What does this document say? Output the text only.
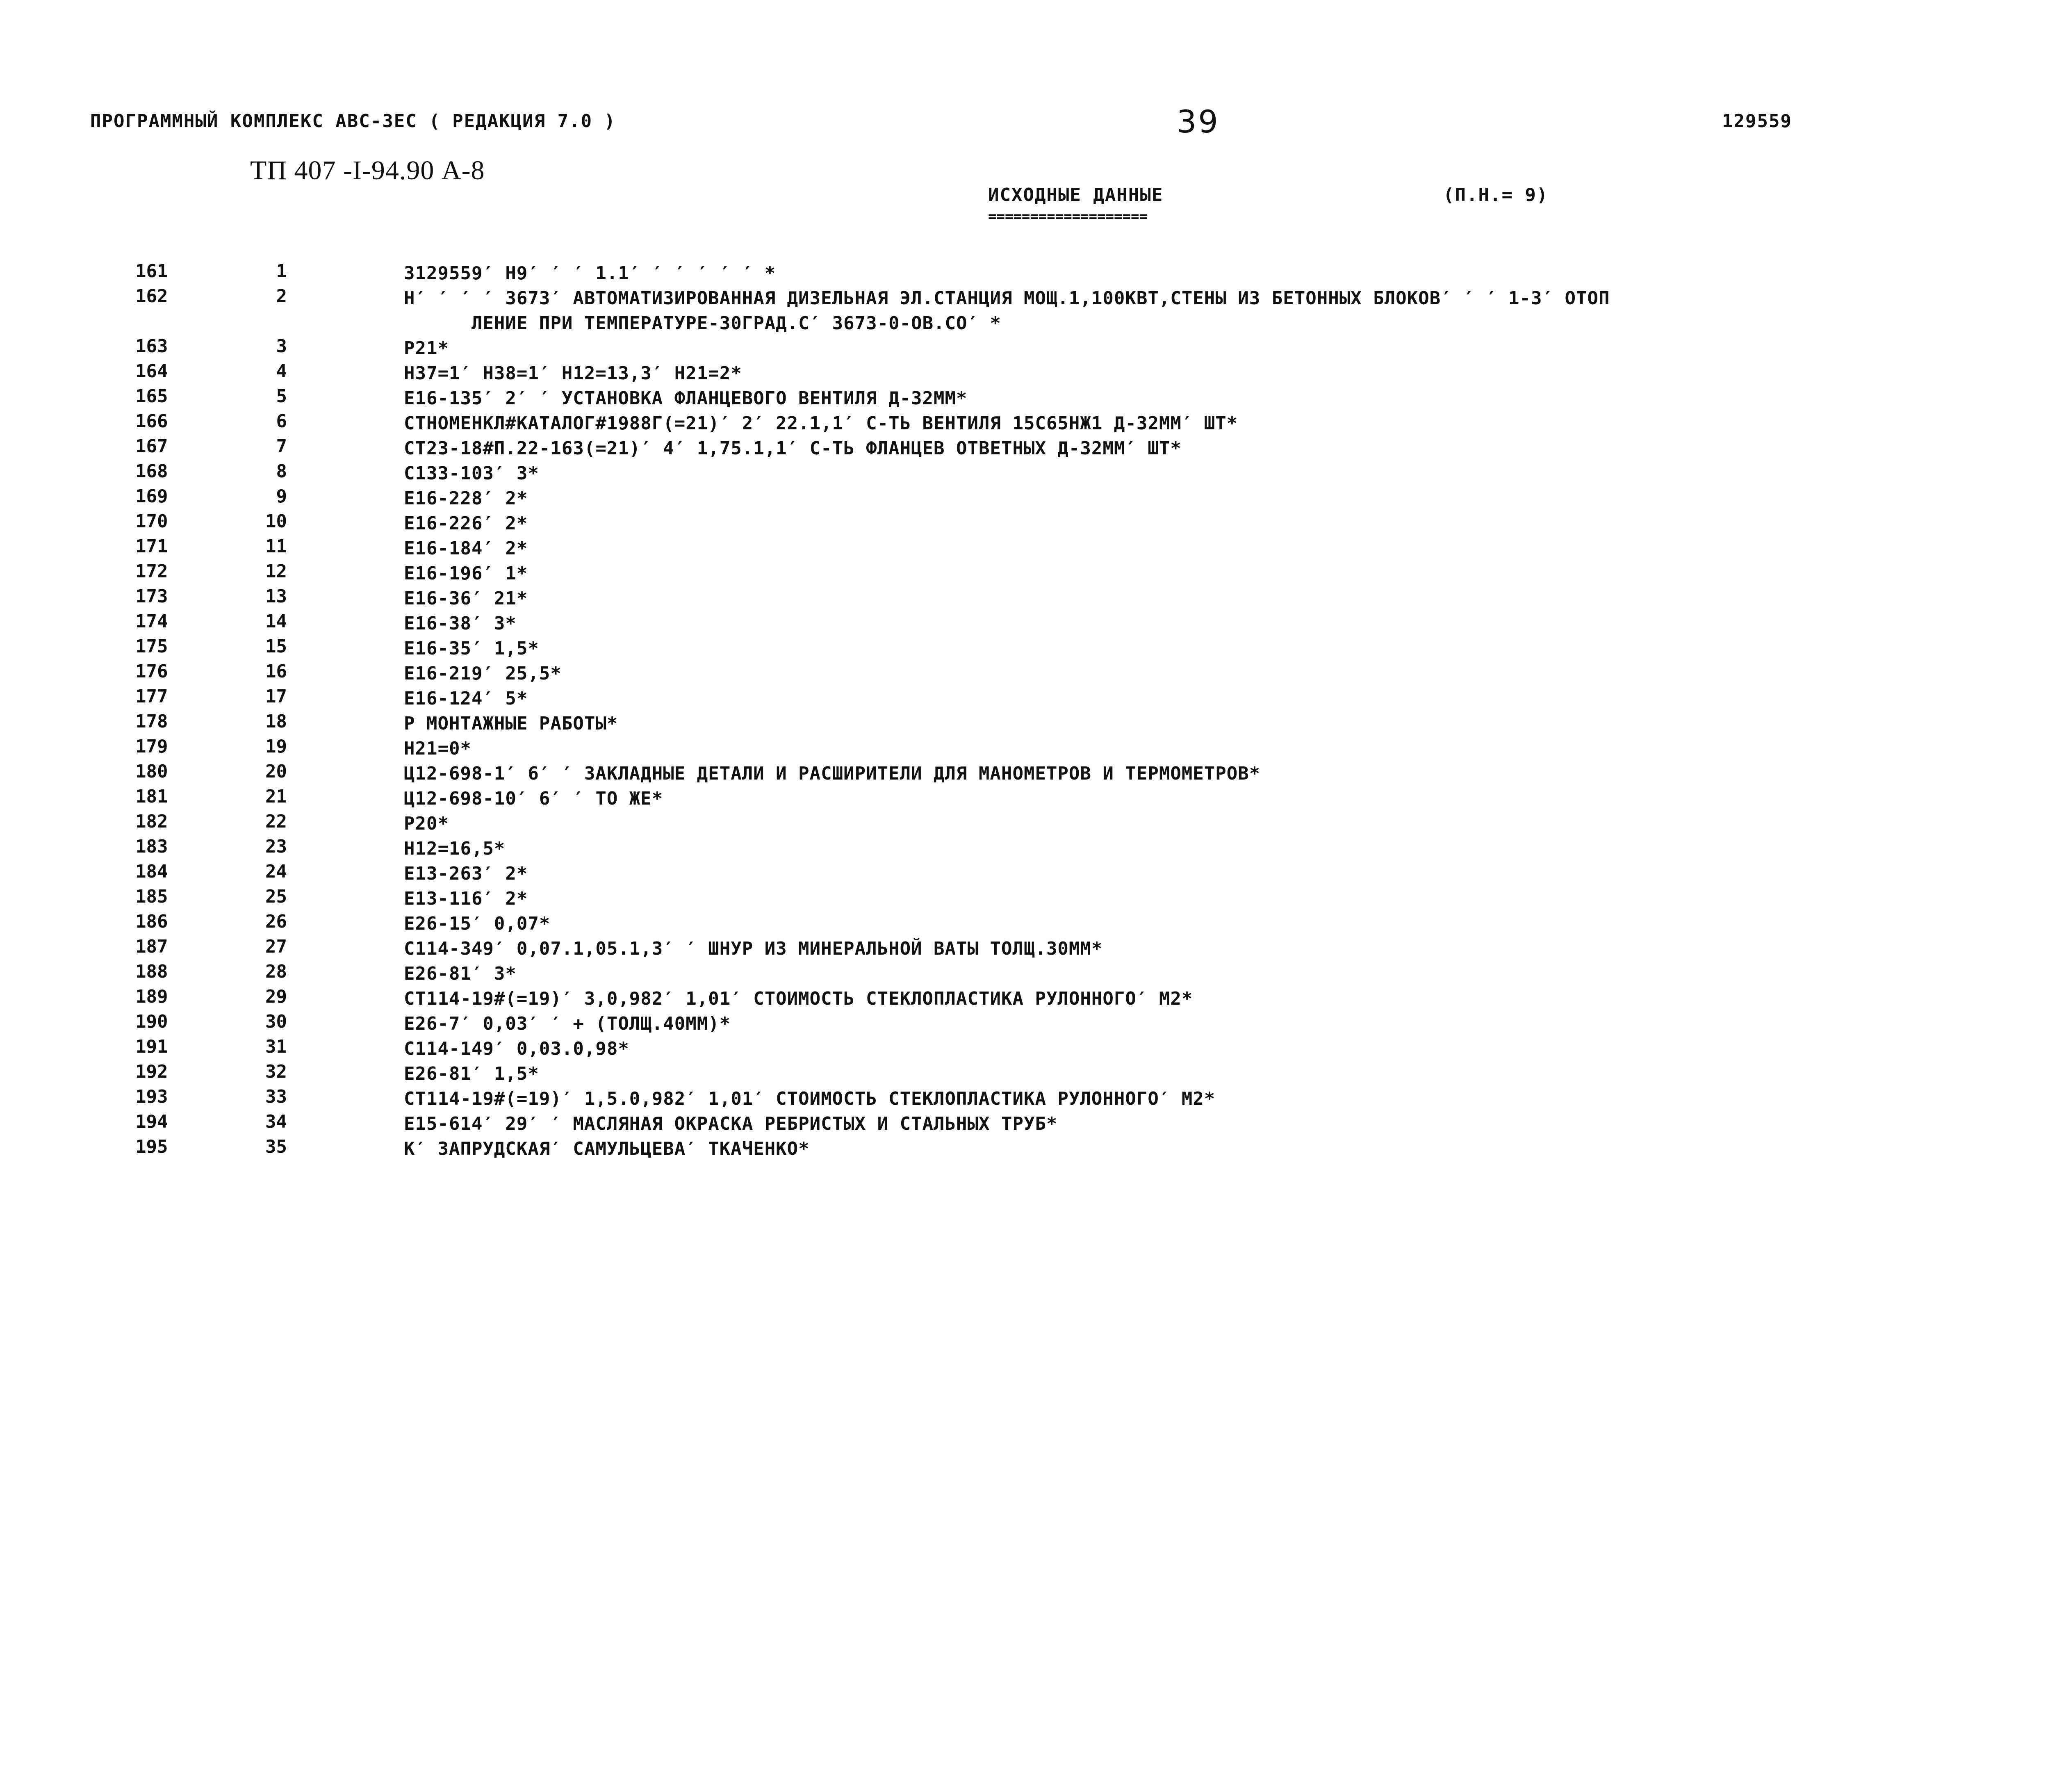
ПРОГРАММНЫЙ КОМПЛЕКС АВС-ЗЕС ( РЕДАКЦИЯ 7.0 )	39	129559
ТП 407 -I-94.90 А-8
ИСХОДНЫЕ ДАННЫЕ
===================
(П.Н.= 9)
161	1	3129559′ Н9′ ′ ′ 1.1′ ′ ′ ′ ′ ′ *
162	2	Н′ ′ ′ ′ 3673′ АВТОМАТИЗИРОВАННАЯ ДИЗЕЛЬНАЯ ЭЛ.СТАНЦИЯ МОЩ.1,100КВТ,СТЕНЫ ИЗ БЕТОННЫХ БЛОКОВ′ ′ ′ 1-3′ ОТОП
ЛЕНИЕ ПРИ ТЕМПЕРАТУРЕ-30ГРАД.С′ 3673-0-ОВ.СО′ *
163	3	Р21*
164	4	Н37=1′ Н38=1′ Н12=13,3′ Н21=2*
165	5	Е16-135′ 2′ ′ УСТАНОВКА ФЛАНЦЕВОГО ВЕНТИЛЯ Д-32ММ*
166	6	СТНОМЕНКЛ#КАТАЛОГ#1988Г(=21)′ 2′ 22.1,1′ С-ТЬ ВЕНТИЛЯ 15С65НЖ1 Д-32ММ′ ШТ*
167	7	СТ23-18#П.22-163(=21)′ 4′ 1,75.1,1′ С-ТЬ ФЛАНЦЕВ ОТВЕТНЫХ Д-32ММ′ ШТ*
168	8	С133-103′ 3*
169	9	Е16-228′ 2*
170	10	Е16-226′ 2*
171	11	Е16-184′ 2*
172	12	Е16-196′ 1*
173	13	Е16-36′ 21*
174	14	Е16-38′ 3*
175	15	Е16-35′ 1,5*
176	16	Е16-219′ 25,5*
177	17	Е16-124′ 5*
178	18	Р МОНТАЖНЫЕ РАБОТЫ*
179	19	Н21=0*
180	20	Ц12-698-1′ 6′ ′ ЗАКЛАДНЫЕ ДЕТАЛИ И РАСШИРИТЕЛИ ДЛЯ МАНОМЕТРОВ И ТЕРМОМЕТРОВ*
181	21	Ц12-698-10′ 6′ ′ ТО ЖЕ*
182	22	Р20*
183	23	Н12=16,5*
184	24	Е13-263′ 2*
185	25	Е13-116′ 2*
186	26	Е26-15′ 0,07*
187	27	С114-349′ 0,07.1,05.1,3′ ′ ШНУР ИЗ МИНЕРАЛЬНОЙ ВАТЫ ТОЛЩ.30ММ*
188	28	Е26-81′ 3*
189	29	СТ114-19#(=19)′ 3,0,982′ 1,01′ СТОИМОСТЬ СТЕКЛОПЛАСТИКА РУЛОННОГО′ М2*
190	30	Е26-7′ 0,03′ ′ + (ТОЛЩ.40ММ)*
191	31	С114-149′ 0,03.0,98*
192	32	Е26-81′ 1,5*
193	33	СТ114-19#(=19)′ 1,5.0,982′ 1,01′ СТОИМОСТЬ СТЕКЛОПЛАСТИКА РУЛОННОГО′ М2*
194	34	Е15-614′ 29′ ′ МАСЛЯНАЯ ОКРАСКА РЕБРИСТЫХ И СТАЛЬНЫХ ТРУБ*
195	35	К′ ЗАПРУДСКАЯ′ САМУЛЬЦЕВА′ ТКАЧЕНКО*
